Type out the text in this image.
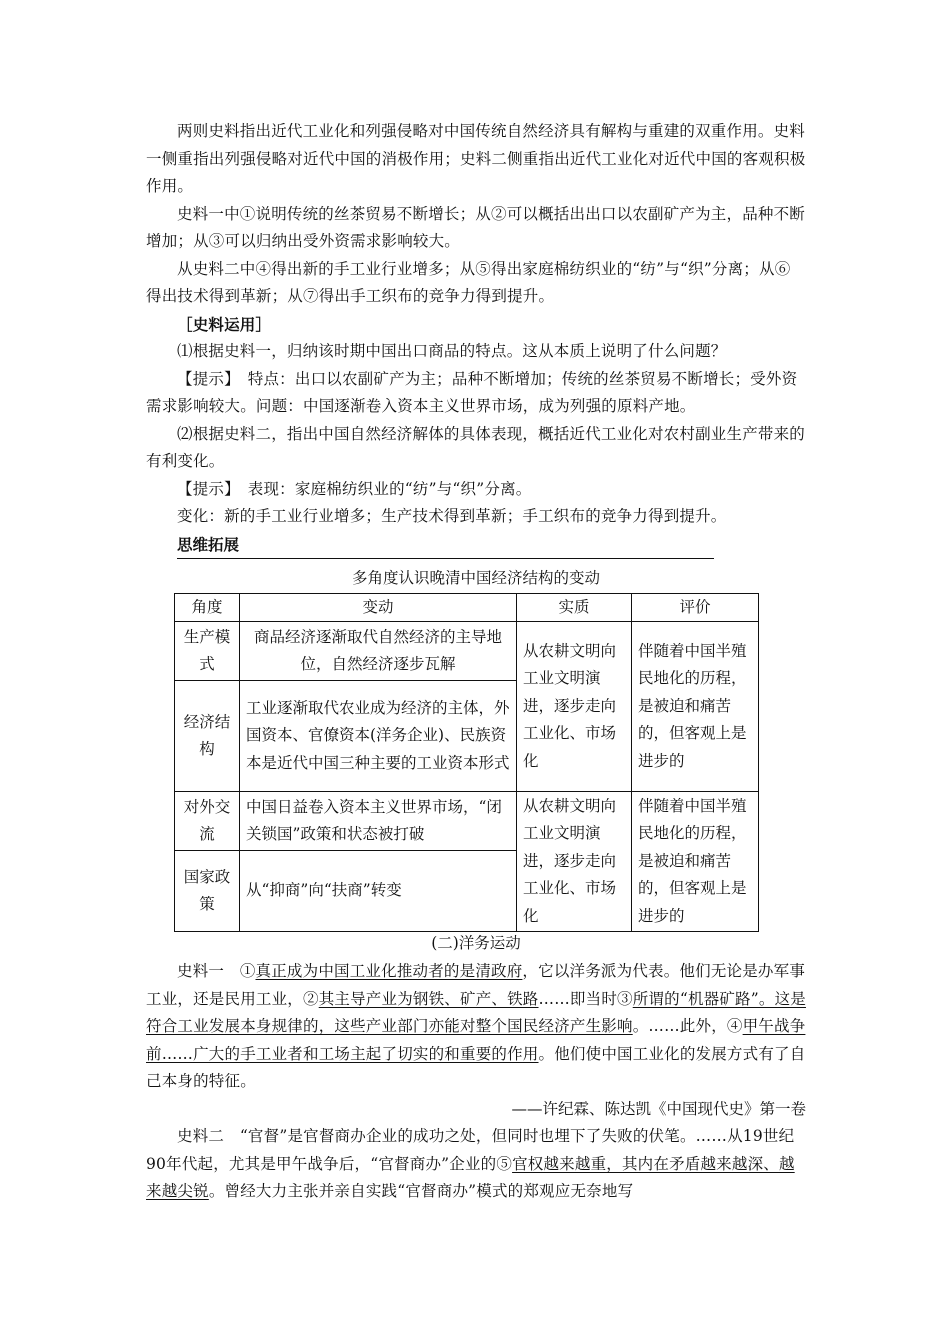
两则史料指出近代工业化和列强侵略对中国传统自然经济具有解构与重建的双重作用。史料一侧重指出列强侵略对近代中国的消极作用；史料二侧重指出近代工业化对近代中国的客观积极作用。

史料一中①说明传统的丝茶贸易不断增长；从②可以概括出出口以农副矿产为主，品种不断增加；从③可以归纳出受外资需求影响较大。

从史料二中④得出新的手工业行业增多；从⑤得出家庭棉纺织业的“纺”与“织”分离；从⑥得出技术得到革新；从⑦得出手工织布的竞争力得到提升。

［史料运用］

⑴根据史料一，归纳该时期中国出口商品的特点。这从本质上说明了什么问题？

【提示】　 特点：出口以农副矿产为主；品种不断增加；传统的丝茶贸易不断增长；受外资需求影响较大。问题：中国逐渐卷入资本主义世界市场，成为列强的原料产地。

⑵根据史料二，指出中国自然经济解体的具体表现，概括近代工业化对农村副业生产带来的有利变化。

【提示】　 表现：家庭棉纺织业的“纺”与“织”分离。

变化：新的手工业行业增多；生产技术得到革新；手工织布的竞争力得到提升。

思维拓展
多角度认识晚清中国经济结构的变动
角度	变动	实质	评价
生产模式	商品经济逐渐取代自然经济的主导地位，自然经济逐步瓦解	从农耕文明向工业文明演进，逐步走向工业化、市场化	伴随着中国半殖民地化的历程，是被迫和痛苦的，但客观上是进步的
经济结构	工业逐渐取代农业成为经济的主体，外国资本、官僚资本(洋务企业)、民族资本是近代中国三种主要的工业资本形式		
对外交流	中国日益卷入资本主义世界市场，“闭关锁国”政策和状态被打破	从农耕文明向工业文明演进，逐步走向工业化、市场化	伴随着中国半殖民地化的历程，是被迫和痛苦的，但客观上是进步的
国家政策	从“抑商”向“扶商”转变		

(二)洋务运动

史料一　 ①真正成为中国工业化推动者的是清政府，它以洋务派为代表。他们无论是办军事工业，还是民用工业，②其主导产业为钢铁、矿产、铁路……即当时③所谓的“机器矿路”。这是符合工业发展本身规律的，这些产业部门亦能对整个国民经济产生影响。……此外，④甲午战争前……广大的手工业者和工场主起了切实的和重要的作用。他们使中国工业化的发展方式有了自己本身的特征。

——许纪霖、陈达凯《中国现代史》第一卷

史料二　 “官督”是官督商办企业的成功之处，但同时也埋下了失败的伏笔。……从19世纪90年代起，尤其是甲午战争后，“官督商办”企业的⑤官权越来越重，其内在矛盾越来越深、越来越尖锐。曾经大力主张并亲自实践“官督商办”模式的郑观应无奈地写
